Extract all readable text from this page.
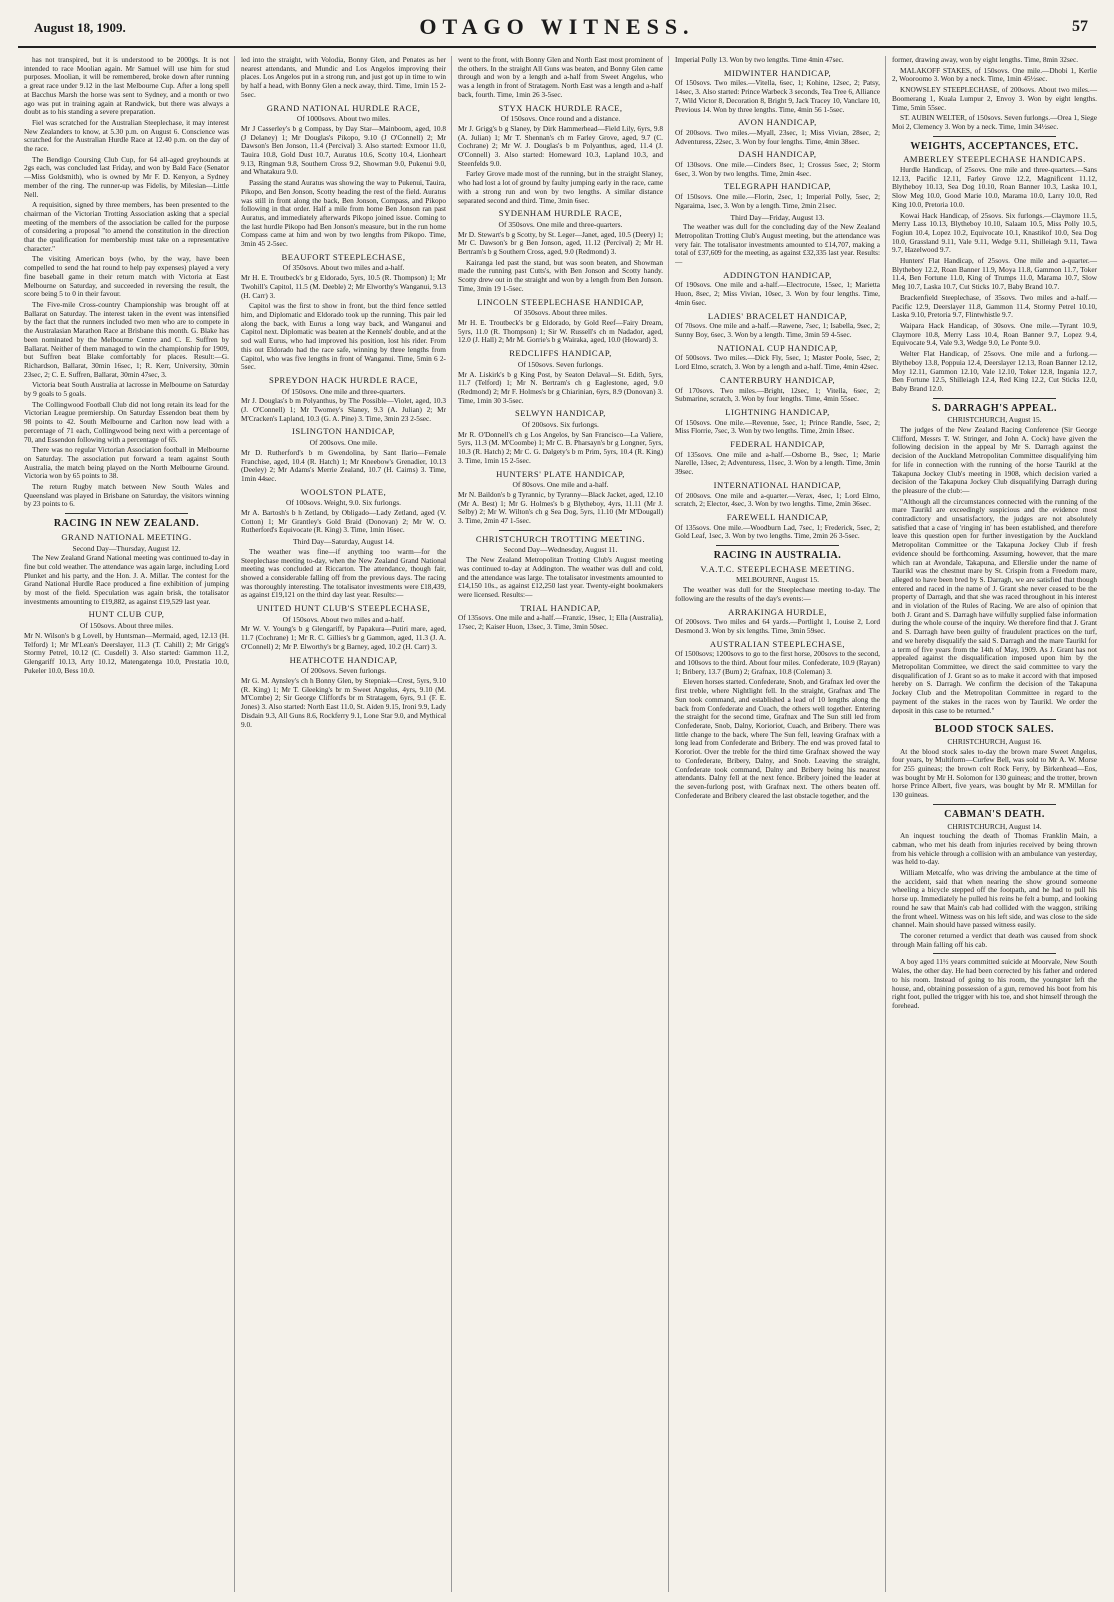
August 18, 1909.	OTAGO WITNESS.	57

has not transpired, but it is understood to be 2000gs. It is not intended to race Moolian again. Mr Samuel will use him for stud purposes. Moolian, it will be remembered, broke down after running a great race under 9.12 in the last Melbourne Cup. After a long spell at Bacchus Marsh the horse was sent to Sydney, and a month or two ago was put in training again at Randwick, but there was always a doubt as to his standing a severe preparation.

Fiel was scratched for the Australian Steeplechase, it may interest New Zealanders to know, at 5.30 p.m. on August 6. Conscience was scratched for the Australian Hurdle Race at 12.40 p.m. on the day of the race.

The Bendigo Coursing Club Cup, for 64 all-aged greyhounds at 2gs each, was concluded last Friday, and won by Bald Face (Senator—Miss Goldsmith), who is owned by Mr F. D. Kenyon, a Sydney member of the ring. The runner-up was Fidelis, by Milesian—Little Nell.

A requisition, signed by three members, has been presented to the chairman of the Victorian Trotting Association asking that a special meeting of the members of the association be called for the purpose of considering a proposal "to amend the constitution in the direction that the qualification for membership must take on a representative character."

The visiting American boys (who, by the way, have been compelled to send the hat round to help pay expenses) played a very fine baseball game in their return match with Victoria at East Melbourne on Saturday, and succeeded in reversing the result, the score being 5 to 0 in their favour.

The Five-mile Cross-country Championship was brought off at Ballarat on Saturday. The interest taken in the event was intensified by the fact that the runners included two men who are to compete in the Australasian Marathon Race at Brisbane this month. G. Blake has been nominated by the Melbourne Centre and C. E. Suffren by Ballarat. Neither of them managed to win the championship for 1909, but Suffren beat Blake comfortably for places. Result:—G. Richardson, Ballarat, 30min 16sec, 1; R. Kerr, University, 30min 23sec, 2; C. E. Suffren, Ballarat, 30min 47sec, 3.

Victoria beat South Australia at lacrosse in Melbourne on Saturday by 9 goals to 5 goals.

The Collingwood Football Club did not long retain its lead for the Victorian League premiership. On Saturday Essendon beat them by 98 points to 42. South Melbourne and Carlton now lead with a percentage of 71 each, Collingwood being next with a percentage of 70, and Essendon following with a percentage of 65.

There was no regular Victorian Association football in Melbourne on Saturday. The association put forward a team against South Australia, the match being played on the North Melbourne Ground. Victoria won by 65 points to 38.

The return Rugby match between New South Wales and Queensland was played in Brisbane on Saturday, the visitors winning by 23 points to 6.

RACING IN NEW ZEALAND.
GRAND NATIONAL MEETING.

Second Day—Thursday, August 12.

The New Zealand Grand National meeting was continued to-day in fine but cold weather. The attendance was again large, including Lord Plunket and his party, and the Hon. J. A. Millar. The contest for the Grand National Hurdle Race produced a fine exhibition of jumping by most of the field. Speculation was again brisk, the totalisator investments amounting to £19,882, as against £19,529 last year.

HUNT CLUB CUP,

Of 150sovs. About three miles.

Mr N. Wilson's b g Lovell, by Huntsman—Mermaid, aged, 12.13 (H. Telford) 1; Mr M'Lean's Deerslayer, 11.3 (T. Cahill) 2; Mr Grigg's Stormy Petrel, 10.12 (C. Cusdell) 3. Also started: Gammon 11.2, Glengariff 10.13, Arty 10.12, Matengatenga 10.0, Prestatia 10.0, Pukeler 10.0, Bess 10.0.

led into the straight, with Volodia, Bonny Glen, and Penates as her nearest attendants, and Mundic and Los Angelos improving their places. Los Angelos put in a strong run, and just got up in time to win by half a head, with Bonny Glen a neck away, third. Time, 1min 15 2-5sec.

GRAND NATIONAL HURDLE RACE,

Of 1000sovs. About two miles.

Mr J Casserley's b g Compass, by Day Star—Mainboom, aged, 10.8 (J Delaney) 1; Mr Douglas's Pikopo, 9.10 (J O'Connell) 2; Mr Dawson's Ben Jonson, 11.4 (Percival) 3. Also started: Exmoor 11.0, Tauira 10.8, Gold Dust 10.7, Auratus 10.6, Scotty 10.4, Lionheart 9.13, Ringman 9.8, Southern Cross 9.2, Showman 9.0, Pukenui 9.0, and Whatakura 9.0.

Passing the stand Auratus was showing the way to Pukenui, Tauira, Pikopo, and Ben Jonson, Scotty heading the rest of the field. Auratus was still in front along the back, Ben Jonson, Compass, and Pikopo following in that order. Half a mile from home Ben Jonson ran past Auratus, and immediately afterwards Pikopo joined issue. Coming to the last hurdle Pikopo had Ben Jonson's measure, but in the run home Compass came at him and won by two lengths from Pikopo. Time, 3min 45 2-5sec.

BEAUFORT STEEPLECHASE,

Of 350sovs. About two miles and a-half.

Mr H. E. Troutbeck's br g Eldorado, 5yrs, 10.5 (R. Thompson) 1; Mr Twohill's Capitol, 11.5 (M. Deeble) 2; Mr Elworthy's Wanganui, 9.13 (H. Carr) 3.

Capitol was the first to show in front, but the third fence settled him, and Diplomatic and Eldorado took up the running. This pair led along the back, with Eurus a long way back, and Wanganui and Capitol next. Diplomatic was beaten at the Kennels' double, and at the sod wall Eurus, who had improved his position, lost his rider. From this out Eldorado had the race safe, winning by three lengths from Capitol, who was five lengths in front of Wanganui. Time, 5min 6 2-5sec.

SPREYDON HACK HURDLE RACE,

Of 150sovs. One mile and three-quarters.

Mr J. Douglas's b m Polyanthus, by The Possible—Violet, aged, 10.3 (J. O'Connell) 1; Mr Twomey's Slaney, 9.3 (A. Julian) 2; Mr M'Cracken's Lapland, 10.3 (G. A. Pine) 3. Time, 3min 23 2-5sec.

ISLINGTON HANDICAP,

Of 200sovs. One mile.

Mr D. Rutherford's b m Gwendolina, by Sant Ilario—Female Franchise, aged, 10.4 (R. Hatch) 1; Mr Kneebow's Grenadier, 10.13 (Deeley) 2; Mr Adams's Merrie Zealand, 10.7 (H. Cairns) 3. Time, 1min 44sec.

WOOLSTON PLATE,

Of 100sovs. Weight, 9.0. Six furlongs.

Mr A. Bartosh's b h Zetland, by Obligado—Lady Zetland, aged (V. Cotton) 1; Mr Grantley's Gold Braid (Donovan) 2; Mr W. O. Rutherford's Equivocate (R. King) 3. Time, 1min 16sec.

Third Day—Saturday, August 14.

The weather was fine—if anything too warm—for the Steeplechase meeting to-day, when the New Zealand Grand National meeting was concluded at Riccarton. The attendance, though fair, showed a considerable falling off from the previous days. The racing was thoroughly interesting. The totalisator investments were £18,439, as against £19,121 on the third day last year. Results:—

UNITED HUNT CLUB'S STEEPLECHASE,

Of 150sovs. About two miles and a-half.

Mr W. V. Young's b g Glengariff, by Papakura—Putiri mare, aged, 11.7 (Cochrane) 1; Mr R. C. Gillies's br g Gammon, aged, 11.3 (J. A. O'Connell) 2; Mr P. Elworthy's br g Barney, aged, 10.2 (H. Carr) 3.

HEATHCOTE HANDICAP,

Of 200sovs. Seven furlongs.

Mr G. M. Aynsley's ch h Bonny Glen, by Stepniak—Crest, 5yrs, 9.10 (R. King) 1; Mr T. Gleeking's br m Sweet Angelus, 4yrs, 9.10 (M. M'Combe) 2; Sir George Clifford's br m Stratagem, 6yrs, 9.1 (F. E. Jones) 3. Also started: North East 11.0, St. Aiden 9.15, Ironi 9.9, Lady Disdain 9.3, All Guns 8.6, Rockferry 9.1, Lone Star 9.0, and Mythical 9.0.

went to the front, with Bonny Glen and North East most prominent of the others. In the straight All Guns was beaten, and Bonny Glen came through and won by a length and a-half from Sweet Angelus, who was a length in front of Stratagem. North East was a length and a-half back, fourth. Time, 1min 26 3-5sec.

STYX HACK HURDLE RACE,

Of 150sovs. Once round and a distance.

Mr J. Grigg's b g Slaney, by Dirk Hammerhead—Field Lily, 6yrs, 9.8 (A. Julian) 1; Mr T. Shennan's ch m Farley Grove, aged, 9.7 (C. Cochrane) 2; Mr W. J. Douglas's b m Polyanthus, aged, 11.4 (J. O'Connell) 3. Also started: Homeward 10.3, Lapland 10.3, and Steenfelds 9.0.

Farley Grove made most of the running, but in the straight Slaney, who had lost a lot of ground by faulty jumping early in the race, came with a strong run and won by two lengths. A similar distance separated second and third. Time, 3min 6sec.

SYDENHAM HURDLE RACE,

Of 350sovs. One mile and three-quarters.

Mr D. Stewart's b g Scotty, by St. Leger—Janet, aged, 10.5 (Deery) 1; Mr C. Dawson's br g Ben Jonson, aged, 11.12 (Percival) 2; Mr H. Bertram's b g Southern Cross, aged, 9.0 (Redmond) 3.

Kairanga led past the stand, but was soon beaten, and Showman made the running past Cutts's, with Ben Jonson and Scotty handy. Scotty drew out in the straight and won by a length from Ben Jonson. Time, 3min 19 1-5sec.

LINCOLN STEEPLECHASE HANDICAP,

Of 350sovs. About three miles.

Mr H. E. Troutbeck's br g Eldorado, by Gold Reef—Fairy Dream, 5yrs, 11.0 (R. Thompson) 1; Sir W. Russell's ch m Nadador, aged, 12.0 (J. Hall) 2; Mr M. Gorrie's b g Wairaka, aged, 10.0 (Howard) 3.

REDCLIFFS HANDICAP,

Of 150sovs. Seven furlongs.

Mr A. Liskirk's b g King Post, by Seaton Delaval—St. Edith, 5yrs, 11.7 (Telford) 1; Mr N. Bertram's ch g Eaglestone, aged, 9.0 (Redmond) 2; Mr F. Holmes's br g Chiarinian, 6yrs, 8.9 (Donovan) 3. Time, 1min 30 3-5sec.

SELWYN HANDICAP,

Of 200sovs. Six furlongs.

Mr R. O'Donnell's ch g Los Angelos, by San Francisco—La Valiere, 5yrs, 11.3 (M. M'Coombe) 1; Mr C. B. Pharsayn's br g Longner, 5yrs, 10.3 (R. Hatch) 2; Mr C. G. Dalgety's b m Prim, 5yrs, 10.4 (R. King) 3. Time, 1min 15 2-5sec.

HUNTERS' PLATE HANDICAP,

Of 80sovs. One mile and a-half.

Mr N. Baildon's b g Tyrannic, by Tyranny—Black Jacket, aged, 12.10 (Mr A. Best) 1; Mr G. Holmes's b g Blytheboy, 4yrs, 11.11 (Mr J. Selby) 2; Mr W. Wilton's ch g Sea Dog, 5yrs, 11.10 (Mr M'Dougall) 3. Time, 2min 47 1-5sec.

CHRISTCHURCH TROTTING MEETING.

Second Day—Wednesday, August 11.

The New Zealand Metropolitan Trotting Club's August meeting was continued to-day at Addington. The weather was dull and cold, and the attendance was large. The totalisator investments amounted to £14,150 10s., as against £12,250 last year. Twenty-eight bookmakers were licensed. Results:—

TRIAL HANDICAP,

Of 135sovs. One mile and a-half.—Franzic, 19sec, 1; Ella (Australia), 17sec, 2; Kaiser Huon, 13sec, 3. Time, 3min 50sec.

Imperial Polly 13. Won by two lengths. Time 4min 47sec.

MIDWINTER HANDICAP,

Of 150sovs. Two miles.—Vitella, 6sec, 1; Kohine, 12sec, 2; Patsy, 14sec, 3. Also started: Prince Warbeck 3 seconds, Tea Tree 6, Alliance 7, Wild Victor 8, Decoration 8, Bright 9, Jack Tracey 10, Vanclare 10, Previous 14. Won by three lengths. Time, 4min 56 1-5sec.

AVON HANDICAP,

Of 200sovs. Two miles.—Myall, 23sec, 1; Miss Vivian, 28sec, 2; Adventuress, 22sec, 3. Won by four lengths. Time, 4min 38sec.

DASH HANDICAP,

Of 130sovs. One mile.—Cinders 8sec, 1; Crossus 5sec, 2; Storm 6sec, 3. Won by two lengths. Time, 2min 4sec.

TELEGRAPH HANDICAP,

Of 150sovs. One mile.—Florin, 2sec, 1; Imperial Polly, 5sec, 2; Ngaraima, 1sec, 3. Won by a length. Time, 2min 21sec.

Third Day—Friday, August 13.

The weather was dull for the concluding day of the New Zealand Metropolitan Trotting Club's August meeting, but the attendance was very fair. The totalisator investments amounted to £14,707, making a total of £37,609 for the meeting, as against £32,335 last year. Results:—

ADDINGTON HANDICAP,

Of 190sovs. One mile and a-half.—Electrocute, 15sec, 1; Marietta Huon, 8sec, 2; Miss Vivian, 10sec, 3. Won by four lengths. Time, 4min 6sec.

LADIES' BRACELET HANDICAP,

Of 70sovs. One mile and a-half.—Rawene, 7sec, 1; Isabella, 9sec, 2; Sunny Boy, 6sec, 3. Won by a length. Time, 3min 59 4-5sec.

NATIONAL CUP HANDICAP,

Of 500sovs. Two miles.—Dick Fly, 5sec, 1; Master Poole, 5sec, 2; Lord Elmo, scratch, 3. Won by a length and a-half. Time, 4min 42sec.

CANTERBURY HANDICAP,

Of 170sovs. Two miles.—Bright, 12sec, 1; Vitella, 6sec, 2; Submarine, scratch, 3. Won by four lengths. Time, 4min 55sec.

LIGHTNING HANDICAP,

Of 150sovs. One mile.—Revenue, 5sec, 1; Prince Randle, 5sec, 2; Miss Florrie, 7sec, 3. Won by two lengths. Time, 2min 18sec.

FEDERAL HANDICAP,

Of 135sovs. One mile and a-half.—Osborne B., 9sec, 1; Marie Narelle, 13sec, 2; Adventuress, 11sec, 3. Won by a length. Time, 3min 39sec.

INTERNATIONAL HANDICAP,

Of 200sovs. One mile and a-quarter.—Verax, 4sec, 1; Lord Elmo, scratch, 2; Elector, 4sec, 3. Won by two lengths. Time, 2min 36sec.

FAREWELL HANDICAP,

Of 135sovs. One mile.—Woodburn Lad, 7sec, 1; Frederick, 5sec, 2; Gold Leaf, 1sec, 3. Won by two lengths. Time, 2min 26 3-5sec.

RACING IN AUSTRALIA.
V.A.T.C. STEEPLECHASE MEETING.

MELBOURNE, August 15.

The weather was dull for the Steeplechase meeting to-day. The following are the results of the day's events:—

ARRAKINGA HURDLE,

Of 200sovs. Two miles and 64 yards.—Portlight 1, Louise 2, Lord Desmond 3. Won by six lengths. Time, 3min 59sec.

AUSTRALIAN STEEPLECHASE,

Of 1500sovs; 1200sovs to go to the first horse, 200sovs to the second, and 100sovs to the third. About four miles. Confederate, 10.9 (Rayan) 1; Bribery, 13.7 (Burn) 2; Grafnax, 10.8 (Coleman) 3.

Eleven horses started. Confederate, Snob, and Grafnax led over the first treble, where Nightlight fell. In the straight, Grafnax and The Sun took command, and established a lead of 10 lengths along the back from Confederate and Cuach, the others well together. Entering the straight for the second time, Grafnax and The Sun still led from Confederate, Snob, Dalny, Korioriot, Cuach, and Bribery. There was little change to the back, where The Sun fell, leaving Grafnax with a long lead from Confederate and Bribery. The end was proved fatal to Kororiot. Over the treble for the third time Grafnax showed the way to Confederate, Bribery, Dalny, and Snob. Leaving the straight, Confederate took command, Dalny and Bribery being his nearest attendants. Dalny fell at the next fence. Bribery joined the leader at the seven-furlong post, with Grafnax next. The others beaten off. Confederate and Bribery cleared the last obstacle together, and the

former, drawing away, won by eight lengths. Time, 8min 32sec.

MALAKOFF STAKES, of 150sovs. One mile.—Dhobi 1, Kerlie 2, Wooroomo 3. Won by a neck. Time, 1min 45½sec.

KNOWSLEY STEEPLECHASE, of 200sovs. About two miles.—Boomerang 1, Kuala Lumpur 2, Envoy 3. Won by eight lengths. Time, 5min 55sec.

ST. AUBIN WELTER, of 150sovs. Seven furlongs.—Orea 1, Siege Moi 2, Clemency 3. Won by a neck. Time, 1min 34½sec.

WEIGHTS, ACCEPTANCES, ETC.
AMBERLEY STEEPLECHASE HANDICAPS.

Hurdle Handicap, of 25sovs. One mile and three-quarters.—Sans 12.13, Pacific 12.11, Farley Grove 12.2, Magnificent 11.12, Blytheboy 10.13, Sea Dog 10.10, Roan Banner 10.3, Laska 10.1, Slow Meg 10.0, Good Marie 10.0, Marama 10.0, Larry 10.0, Red King 10.0, Pretoria 10.0.

Kowai Hack Handicap, of 25sovs. Six furlongs.—Claymore 11.5, Merry Lass 10.13, Blytheboy 10.10, Salaam 10.5, Miss Polly 10.5, Fogiun 10.4, Lopez 10.2, Equivocate 10.1, Knastikof 10.0, Sea Dog 10.0, Grassland 9.11, Vale 9.11, Wedge 9.11, Shilleiagh 9.11, Tawa 9.7, Hazelwood 9.7.

Hunters' Flat Handicap, of 25sovs. One mile and a-quarter.—Blytheboy 12.2, Roan Banner 11.9, Moya 11.8, Gammon 11.7, Toker 11.4, Ben Fortune 11.0, King of Trumps 11.0, Marama 10.7, Slow Meg 10.7, Laska 10.7, Cut Sticks 10.7, Baby Brand 10.7.

Brackenfield Steeplechase, of 35sovs. Two miles and a-half.—Pacific 12.9, Deerslayer 11.8, Gammon 11.4, Stormy Petrel 10.10, Laska 9.10, Pretoria 9.7, Flintwhistle 9.7.

Waipara Hack Handicap, of 30sovs. One mile.—Tyrant 10.9, Claymore 10.8, Merry Lass 10.4, Roan Banner 9.7, Lopez 9.4, Equivocate 9.4, Vale 9.3, Wedge 9.0, Le Ponte 9.0.

Welter Flat Handicap, of 25sovs. One mile and a furlong.—Blytheboy 13.8, Poppuia 12.4, Deerslayer 12.13, Roan Banner 12.12, Moy 12.11, Gammon 12.10, Vale 12.10, Toker 12.8, Ingania 12.7, Ben Fortune 12.5, Shilleiagh 12.4, Red King 12.2, Cut Sticks 12.0, Baby Brand 12.0.

S. DARRAGH'S APPEAL.

CHRISTCHURCH, August 15.

The judges of the New Zealand Racing Conference (Sir George Clifford, Messrs T. W. Stringer, and John A. Cock) have given the following decision in the appeal by Mr S. Darragh against the decision of the Auckland Metropolitan Committee disqualifying him for life in connection with the running of the horse Taurikl at the Takapuna Jockey Club's meeting in 1908, which decision varied a decision of the Takapuna Jockey Club disqualifying Darragh during the pleasure of the club:—

"Although all the circumstances connected with the running of the mare Taurikl are exceedingly suspicious and the evidence most contradictory and unsatisfactory, the judges are not absolutely satisfied that a case of 'ringing in' has been established, and therefore leave this question open for further investigation by the Auckland Metropolitan Committee or the Takapuna Jockey Club if fresh evidence should be forthcoming. Assuming, however, that the mare which ran at Avondale, Takapuna, and Ellerslie under the name of Taurikl was the chestnut mare by St. Crispin from a Freedom mare, alleged to have been bred by S. Darragh, we are satisfied that though entered and raced in the name of J. Grant she never ceased to be the property of Darragh, and that she was raced throughout in his interest and in violation of the Rules of Racing. We are also of opinion that both J. Grant and S. Darragh have wilfully supplied false information during the whole course of the inquiry. We therefore find that J. Grant and S. Darragh have been guilty of fraudulent practices on the turf, and we hereby disqualify the said S. Darragh and the mare Taurikl for a term of five years from the 14th of May, 1909. As J. Grant has not appealed against the disqualification imposed upon him by the Metropolitan Committee, we direct the said committee to vary the disqualification of J. Grant so as to make it accord with that imposed hereby on S. Darragh. We confirm the decision of the Takapuna Jockey Club and the Metropolitan Committee in regard to the payment of the stakes in the races won by Taurikl. We order the deposit in this case to be returned."

BLOOD STOCK SALES.

CHRISTCHURCH, August 16.

At the blood stock sales to-day the brown mare Sweet Angelus, four years, by Multiform—Curfew Bell, was sold to Mr A. W. Morse for 255 guineas; the brown colt Rock Ferry, by Birkenhead—Eos, was bought by Mr H. Solomon for 130 guineas; and the trotter, brown horse Prince Albert, five years, was bought by Mr R. M'Millan for 130 guineas.

CABMAN'S DEATH.

CHRISTCHURCH, August 14.

An inquest touching the death of Thomas Franklin Main, a cabman, who met his death from injuries received by being thrown from his vehicle through a collision with an ambulance van yesterday, was held to-day.

William Metcalfe, who was driving the ambulance at the time of the accident, said that when nearing the show ground someone wheeling a bicycle stepped off the footpath, and he had to pull his horse up. Immediately he pulled his reins he felt a bump, and looking round he saw that Main's cab had collided with the waggon, striking the front wheel. Witness was on his left side, and was close to the side channel. Main should have passed witness easily.

The coroner returned a verdict that death was caused from shock through Main falling off his cab.

A boy aged 11½ years committed suicide at Moorvale, New South Wales, the other day. He had been corrected by his father and ordered to his room. Instead of going to his room, the youngster left the house, and, obtaining possession of a gun, removed his boot from his right foot, pulled the trigger with his toe, and shot himself through the forehead.
